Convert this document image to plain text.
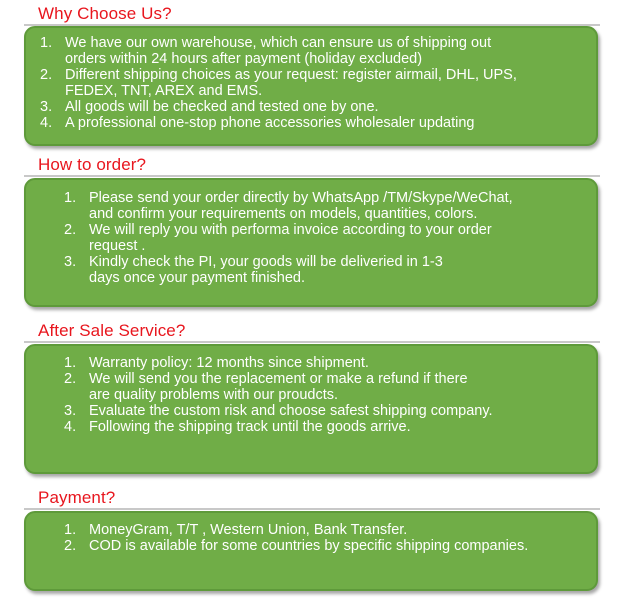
Why Choose Us?
1. We have our own warehouse, which can ensure us of shipping out
orders within 24 hours after payment (holiday excluded)
2. Different shipping choices as your request: register airmail, DHL, UPS,
FEDEX, TNT, AREX and EMS.
3. All goods will be checked and tested one by one.
4. A professional one-stop phone accessories wholesaler updating
How to order?
1. Please send your order directly by WhatsApp /TM/Skype/WeChat,
and confirm your requirements on models, quantities, colors.
2. We will reply you with performa invoice according to your order
request .
3. Kindly check the PI, your goods will be deliveried in 1-3
days once your payment finished.
After Sale Service?
1. Warranty policy: 12 months since shipment.
2. We will send you the replacement or make a refund if there
are quality problems with our proudcts.
3. Evaluate the custom risk and choose safest shipping company.
4. Following the shipping track until the goods arrive.
Payment?
1. MoneyGram, T/T , Western Union, Bank Transfer.
2. COD is available for some countries by specific shipping companies.
